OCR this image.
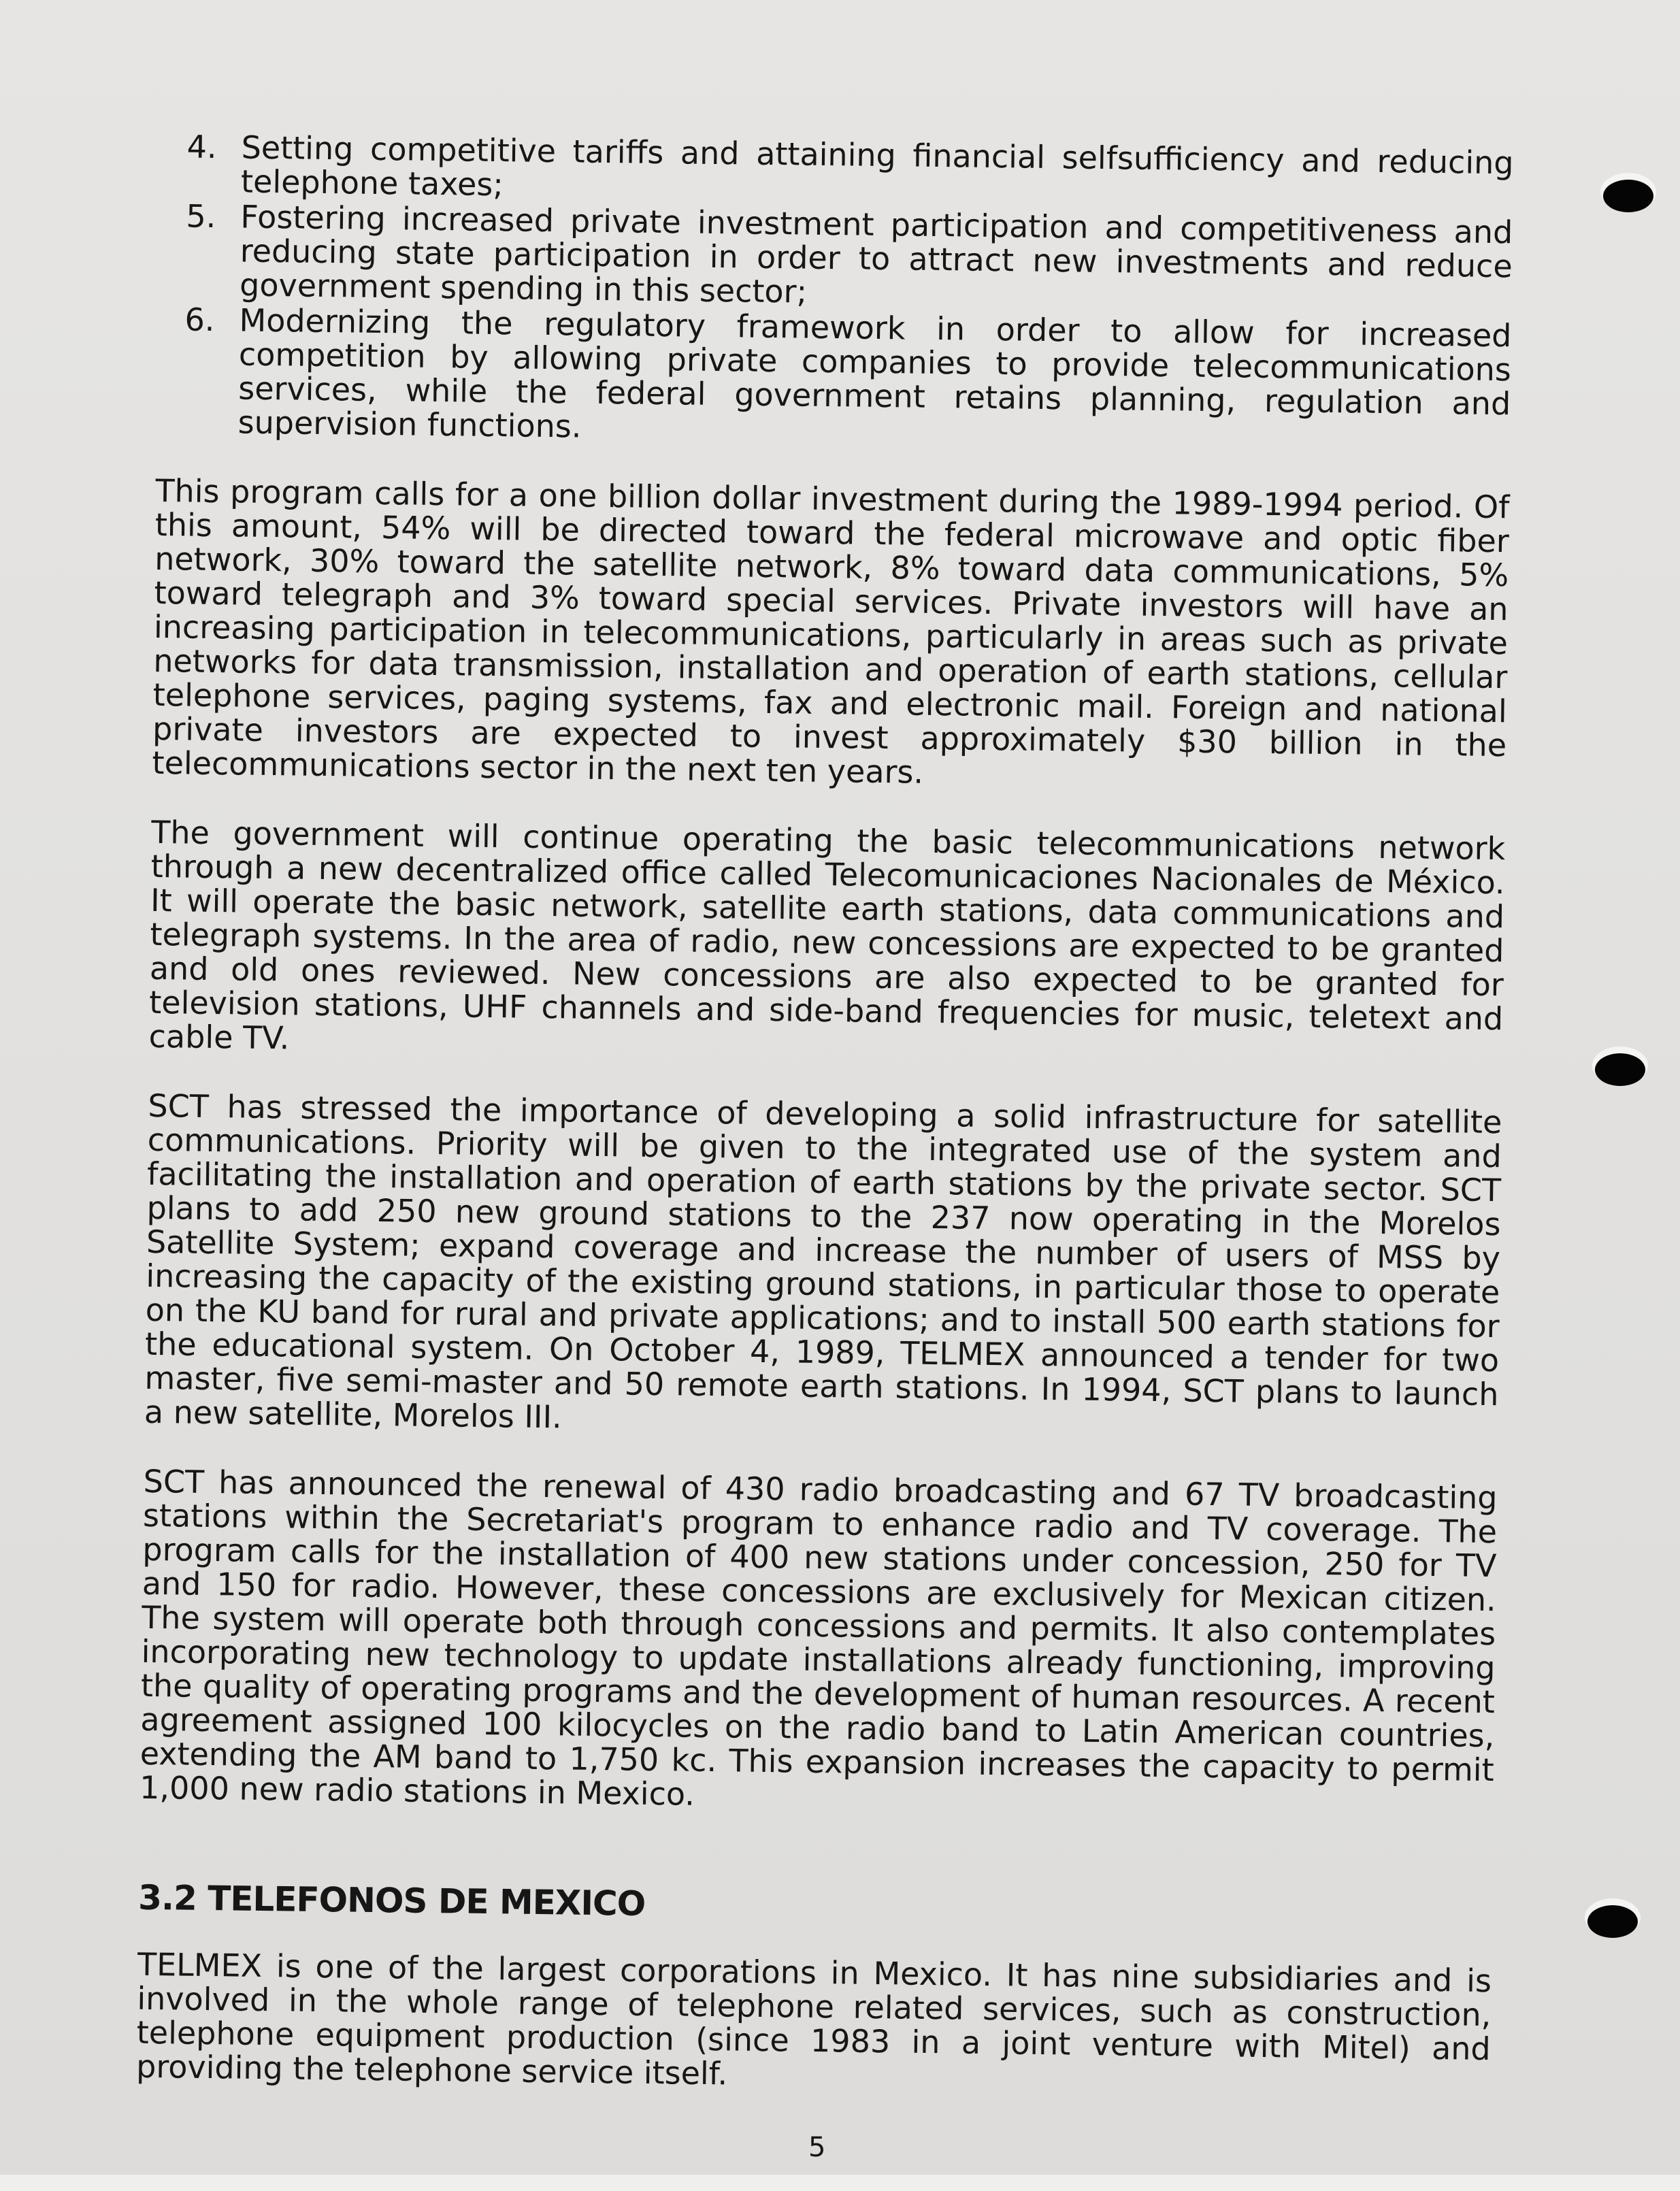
4. Setting competitive tariffs and attaining financial selfsufficiency and reducing telephone taxes;
5. Fostering increased private investment participation and competitiveness and reducing state participation in order to attract new investments and reduce government spending in this sector;
6. Modernizing the regulatory framework in order to allow for increased competition by allowing private companies to provide telecommunications services, while the federal government retains planning, regulation and supervision functions.

This program calls for a one billion dollar investment during the 1989-1994 period. Of this amount, 54% will be directed toward the federal microwave and optic fiber network, 30% toward the satellite network, 8% toward data communications, 5% toward telegraph and 3% toward special services. Private investors will have an increasing participation in telecommunications, particularly in areas such as private networks for data transmission, installation and operation of earth stations, cellular telephone services, paging systems, fax and electronic mail. Foreign and national private investors are expected to invest approximately $30 billion in the telecommunications sector in the next ten years.

The government will continue operating the basic telecommunications network through a new decentralized office called Telecomunicaciones Nacionales de México. It will operate the basic network, satellite earth stations, data communications and telegraph systems. In the area of radio, new concessions are expected to be granted and old ones reviewed. New concessions are also expected to be granted for television stations, UHF channels and side-band frequencies for music, teletext and cable TV.

SCT has stressed the importance of developing a solid infrastructure for satellite communications. Priority will be given to the integrated use of the system and facilitating the installation and operation of earth stations by the private sector. SCT plans to add 250 new ground stations to the 237 now operating in the Morelos Satellite System; expand coverage and increase the number of users of MSS by increasing the capacity of the existing ground stations, in particular those to operate on the KU band for rural and private applications; and to install 500 earth stations for the educational system. On October 4, 1989, TELMEX announced a tender for two master, five semi-master and 50 remote earth stations. In 1994, SCT plans to launch a new satellite, Morelos III.

SCT has announced the renewal of 430 radio broadcasting and 67 TV broadcasting stations within the Secretariat's program to enhance radio and TV coverage. The program calls for the installation of 400 new stations under concession, 250 for TV and 150 for radio. However, these concessions are exclusively for Mexican citizen. The system will operate both through concessions and permits. It also contemplates incorporating new technology to update installations already functioning, improving the quality of operating programs and the development of human resources. A recent agreement assigned 100 kilocycles on the radio band to Latin American countries, extending the AM band to 1,750 kc. This expansion increases the capacity to permit 1,000 new radio stations in Mexico.

3.2 TELEFONOS DE MEXICO

TELMEX is one of the largest corporations in Mexico. It has nine subsidiaries and is involved in the whole range of telephone related services, such as construction, telephone equipment production (since 1983 in a joint venture with Mitel) and providing the telephone service itself.

5
